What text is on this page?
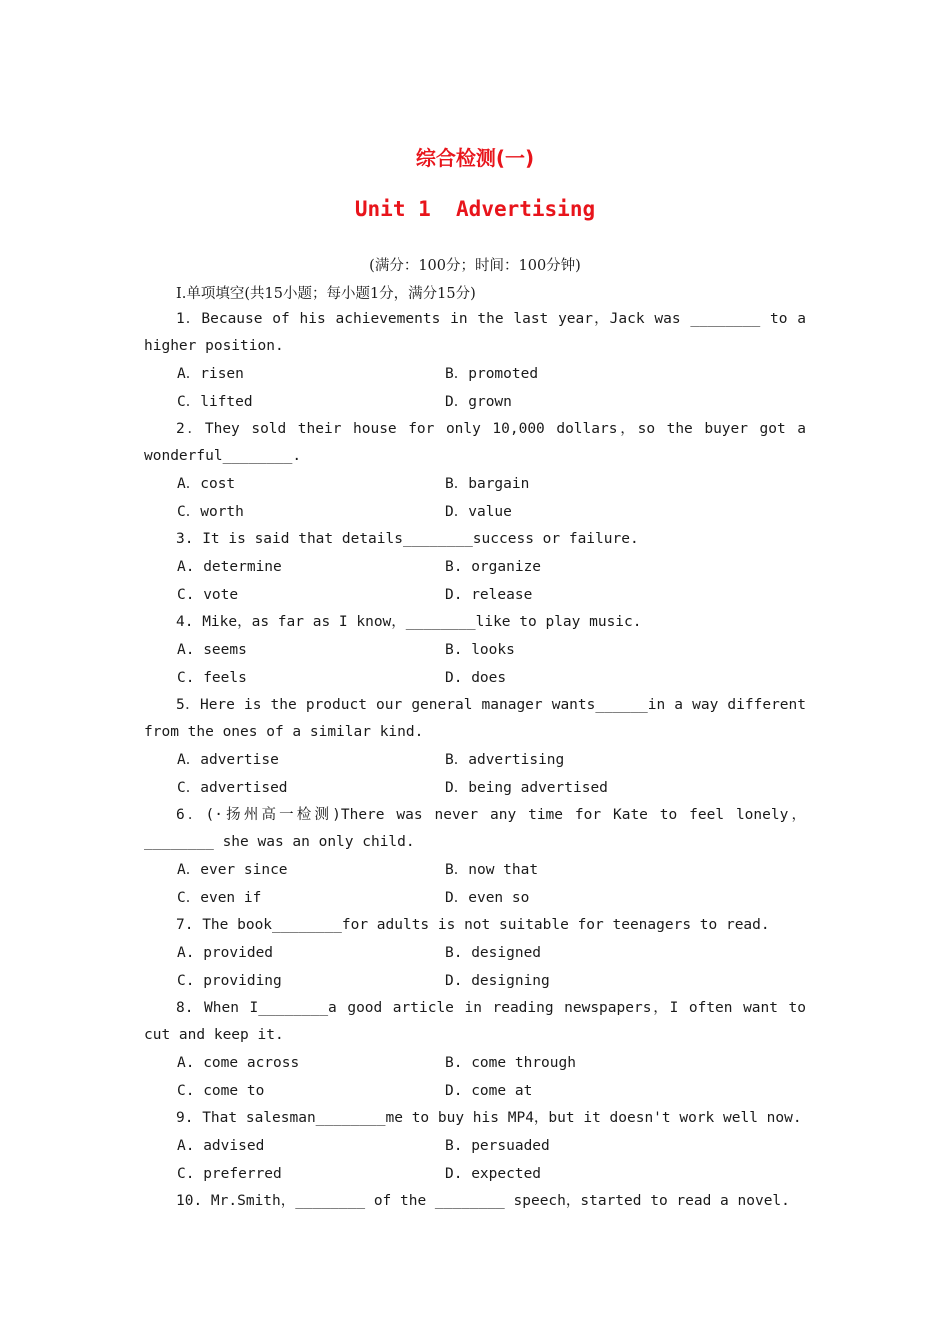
综合检测(一)
Unit 1  Advertising
(满分：100分；时间：100分钟)
I.单项填空(共15小题；每小题1分，满分15分)
1．Because of his achievements in the last year，Jack was ________ to a higher position.
A．risen	B．promoted
C．lifted	D．grown
2．They sold their house for only 10,000 dollars，so the buyer got a wonderful________.
A．cost	B．bargain
C．worth	D．value
3. It is said that details________success or failure.
A. determine	B. organize
C. vote	D. release
4. Mike，as far as I know，________like to play music.
A. seems	B. looks
C. feels	D. does
5．Here is the product our general manager wants______in a way different from the ones of a similar kind.
A．advertise	B．advertising
C．advertised	D．being advertised
6．(·扬州高一检测)There was never any time for Kate to feel lonely，________ she was an only child.
A．ever since	B．now that
C．even if	D．even so
7. The book________for adults is not suitable for teenagers to read.
A. provided	B. designed
C. providing	D. designing
8. When I________a good article in reading newspapers，I often want to cut and keep it.
A. come across	B. come through
C. come to	D. come at
9. That salesman________me to buy his MP4，but it doesn't work well now.
A. advised	B. persuaded
C. preferred	D. expected
10. Mr.Smith，________ of the ________ speech，started to read a novel.
